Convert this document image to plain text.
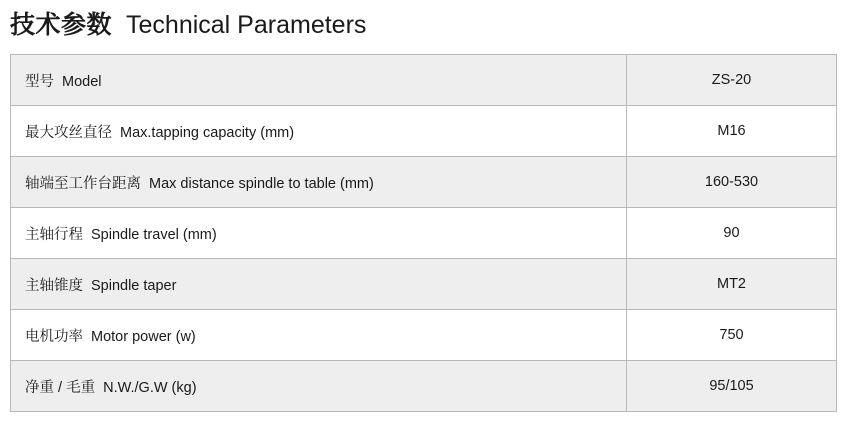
技术参数 Technical Parameters
型号 Model	ZS-20
最大攻丝直径 Max.tapping capacity (mm)	M16
轴端至工作台距离 Max distance spindle to table (mm)	160-530
主轴行程 Spindle travel (mm)	90
主轴锥度 Spindle taper	MT2
电机功率 Motor power (w)	750
净重 / 毛重 N.W./G.W (kg)	95/105
